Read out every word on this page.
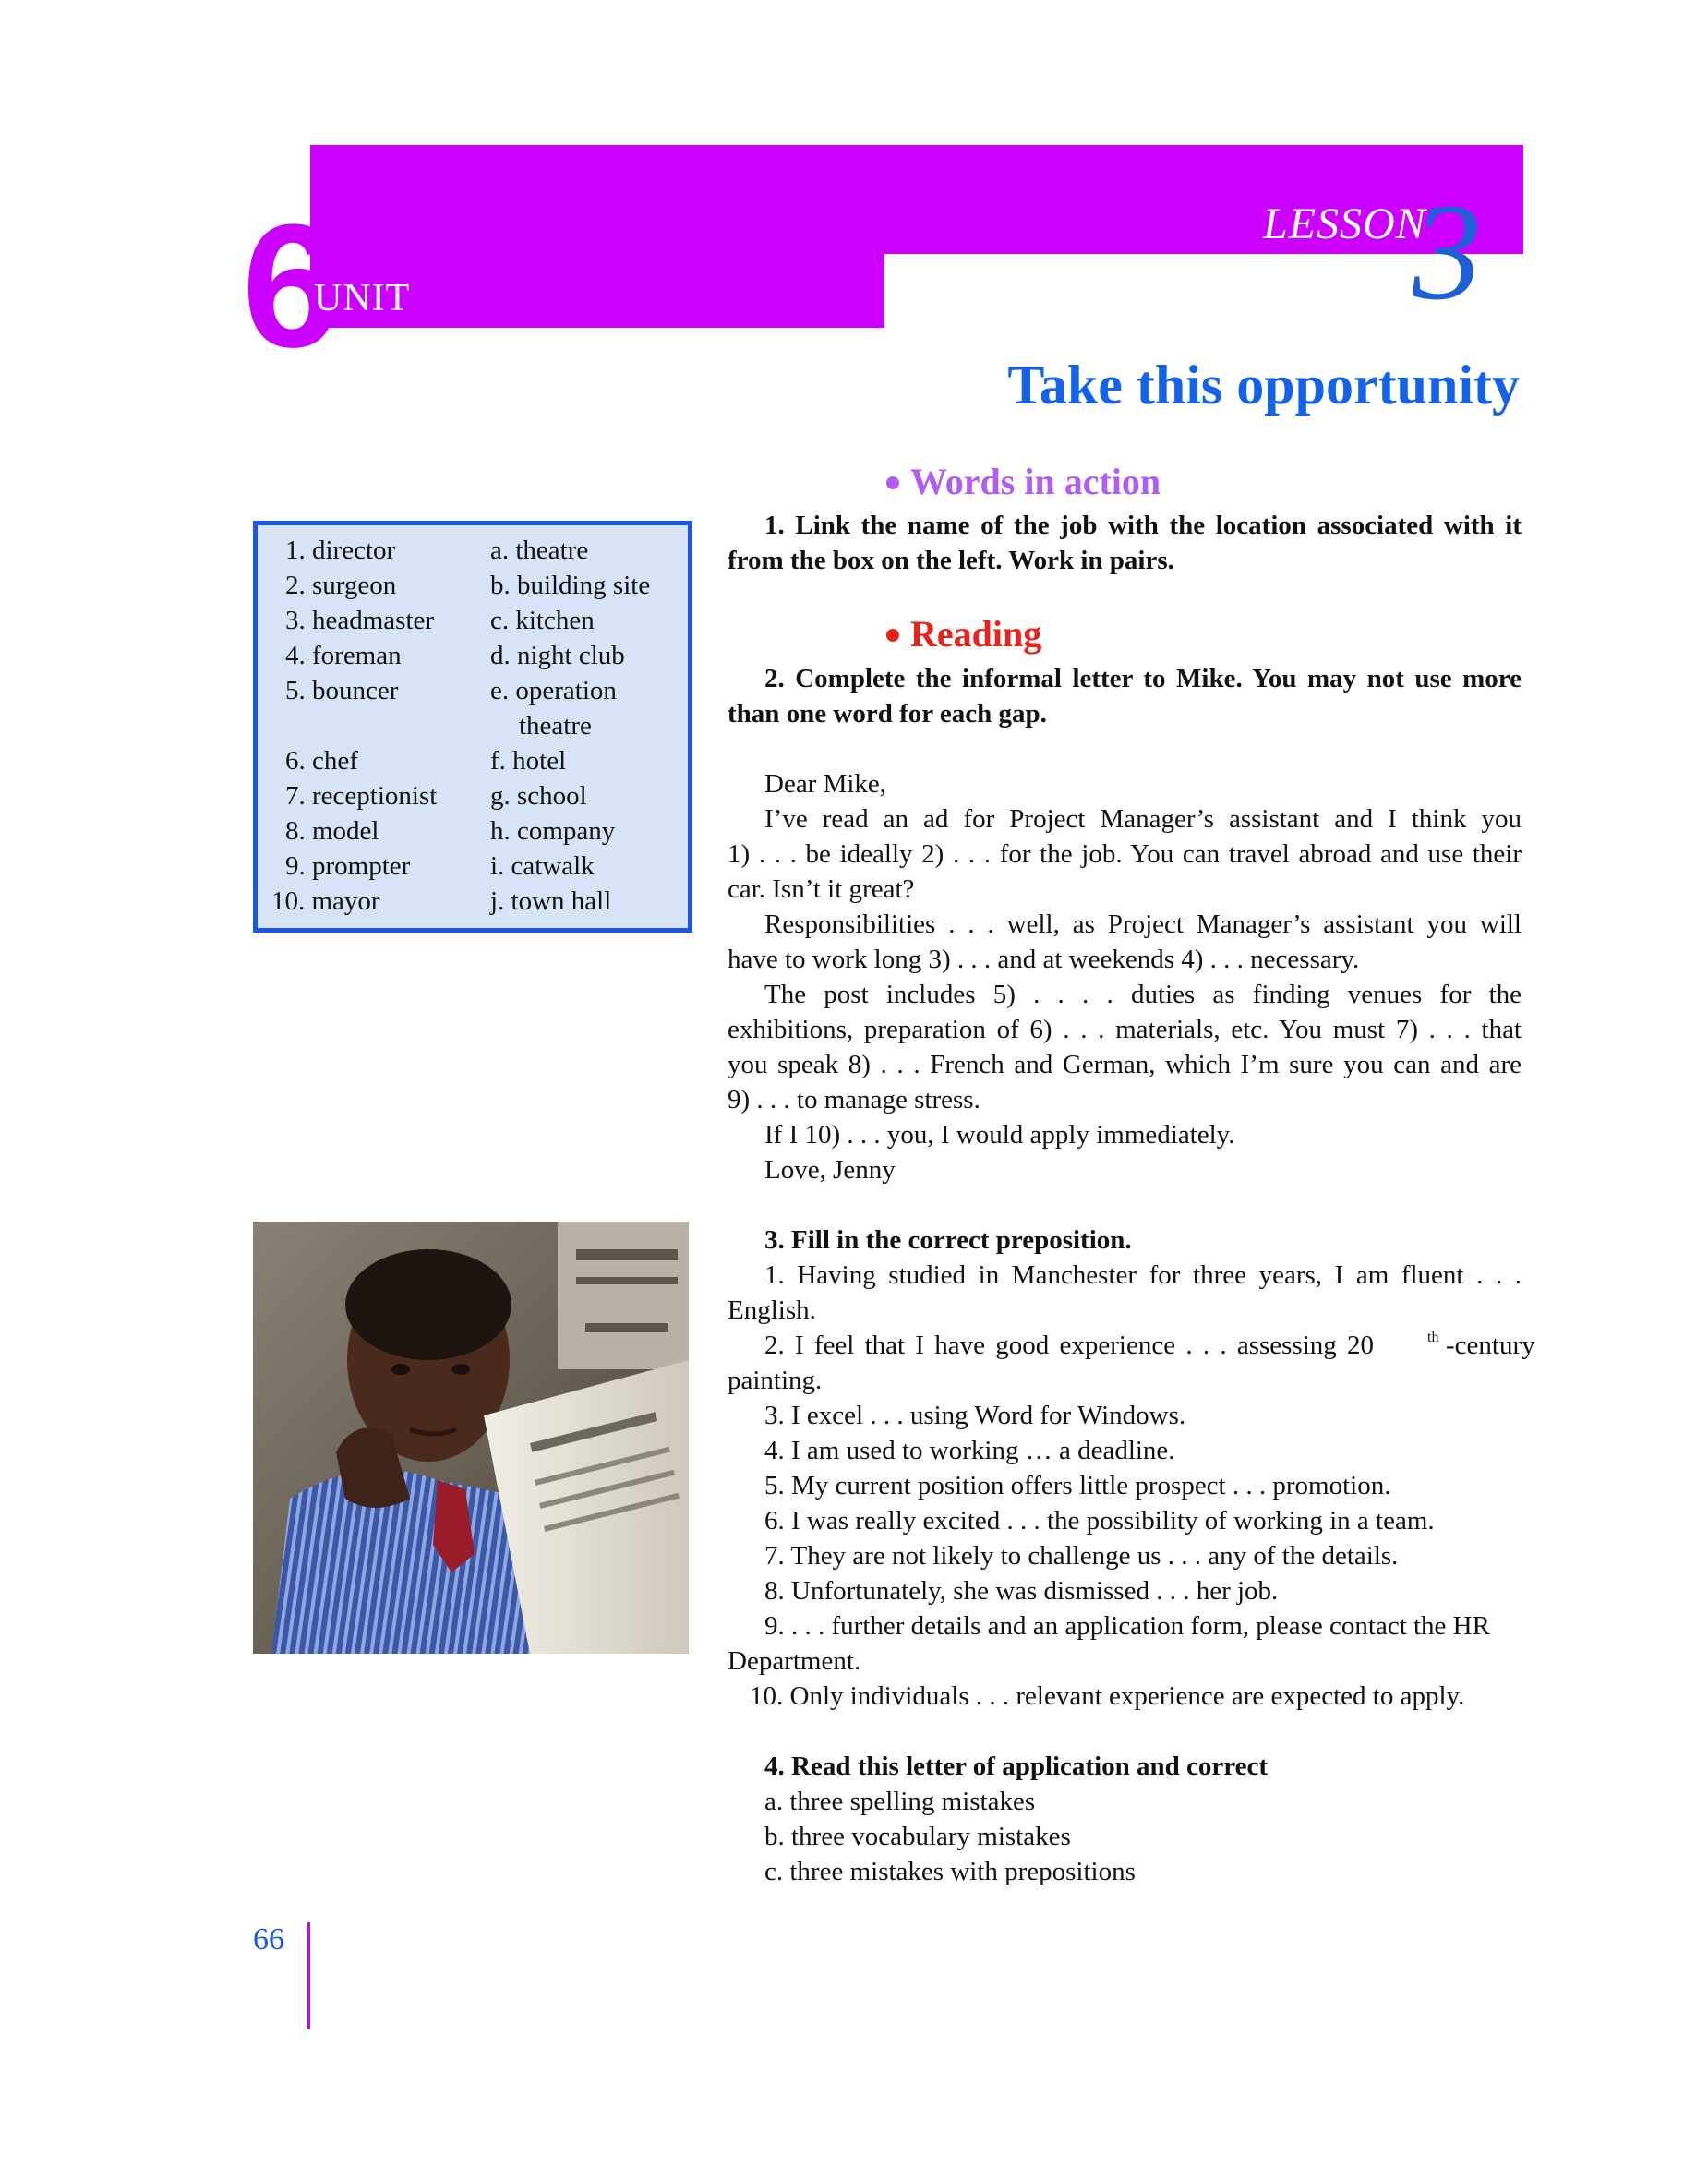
6
UNIT
LESSON
3
Take this opportunity
1. director	a. theatre
2. surgeon	b. building site
3. headmaster c. kitchen
4. foreman	d. night club
5. bouncer	e. operation
theatre
6. chef	f. hotel
7. receptionist g. school
8. model	h. company
9. prompter	i. catwalk
10. mayor	j. town hall
Words in action
1. Link the name of the job with the location associated with it
from the box on the left. Work in pairs.
Reading
2. Complete the informal letter to Mike. You may not use more
than one word for each gap.
Dear Mike,
I’ve read an ad for Project Manager’s assistant and I think you
1) . . . be ideally 2) . . . for the job. You can travel abroad and use their
car. Isn’t it great?
Responsibilities . . . well, as Project Manager’s assistant you will
have to work long 3) . . . and at weekends 4) . . . necessary.
The post includes 5) . . . . duties as finding venues for the
exhibitions, preparation of 6) . . . materials, etc. You must 7) . . . that
you speak 8) . . . French and German, which I’m sure you can and are
9) . . . to manage stress.
If I 10) . . . you, I would apply immediately.
Love, Jenny
3. Fill in the correct preposition.
1. Having studied in Manchester for three years, I am fluent . . .
English.
2. I feel that I have good experience . . . assessing 20	th -century
painting.
3. I excel . . . using Word for Windows.
4. I am used to working … a deadline.
5. My current position offers little prospect . . . promotion.
6. I was really excited . . . the possibility of working in a team.
7. They are not likely to challenge us . . . any of the details.
8. Unfortunately, she was dismissed . . . her job.
9. . . . further details and an application form, please contact the HR
Department.
10. Only individuals . . . relevant experience are expected to apply.
4. Read this letter of application and correct
a. three spelling mistakes
b. three vocabulary mistakes
c. three mistakes with prepositions
66
